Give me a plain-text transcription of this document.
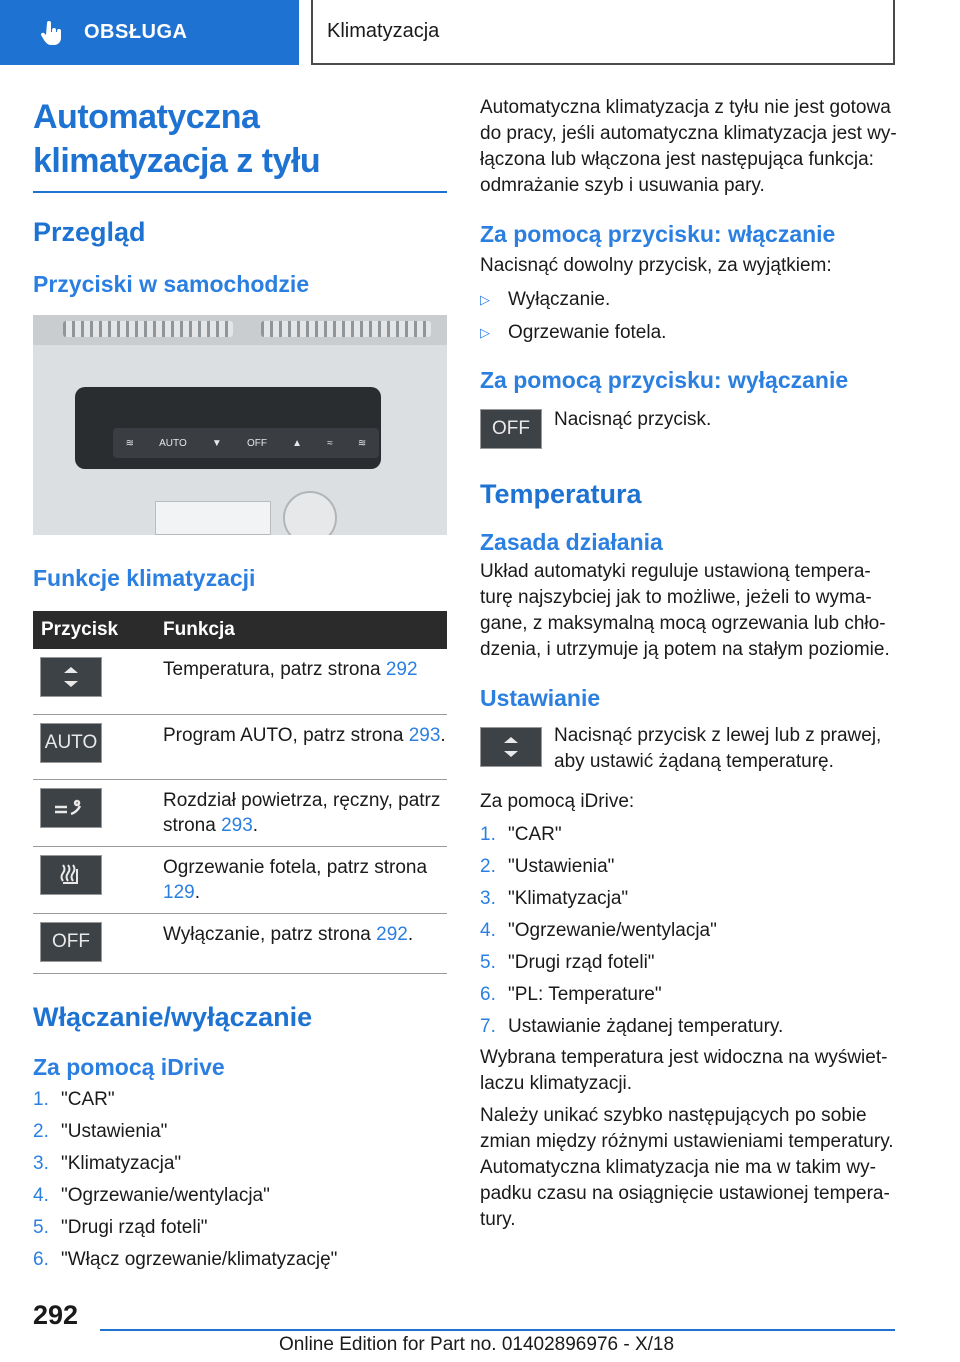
OBSŁUGA	Klimatyzacja
Automatyczna klimatyzacja z tyłu
Przegląd
Przyciski w samochodzie
≋	AUTO	▼	OFF	▲	≈	≋
Funkcje klimatyzacji
Przycisk	Funkcja

	Temperatura, patrz strona 292

AUTO	Program AUTO, patrz strona 293.

	Rozdział powietrza, ręczny, patrz strona 293.

	Ogrzewanie fotela, patrz strona 129.

OFF	Wyłączanie, patrz strona 292.
Włączanie/wyłączanie
Za pomocą iDrive
1. "CAR"
2. "Ustawienia"
3. "Klimatyzacja"
4. "Ogrzewanie/wentylacja"
5. "Drugi rząd foteli"
6. "Włącz ogrzewanie/klimatyzację"
Automatyczna klimatyzacja z tyłu nie jest gotowa do pracy, jeśli automatyczna klimatyzacja jest wy-łączona lub włączona jest następująca funkcja: odmrażanie szyb i usuwania pary.
Za pomocą przycisku: włączanie
Nacisnąć dowolny przycisk, za wyjątkiem:
▷ Wyłączanie.
▷ Ogrzewanie fotela.
Za pomocą przycisku: wyłączanie
OFF	Nacisnąć przycisk.
Temperatura
Zasada działania
Układ automatyki reguluje ustawioną tempera-turę najszybciej jak to możliwe, jeżeli to wyma-gane, z maksymalną mocą ogrzewania lub chło-dzenia, i utrzymuje ją potem na stałym poziomie.
Ustawianie
Nacisnąć przycisk z lewej lub z prawej, aby ustawić żądaną temperaturę.
Za pomocą iDrive:
1. "CAR"
2. "Ustawienia"
3. "Klimatyzacja"
4. "Ogrzewanie/wentylacja"
5. "Drugi rząd foteli"
6. "PL: Temperature"
7. Ustawianie żądanej temperatury.
Wybrana temperatura jest widoczna na wyświet-laczu klimatyzacji.
Należy unikać szybko następujących po sobie zmian między różnymi ustawieniami temperatury. Automatyczna klimatyzacja nie ma w takim wy-padku czasu na osiągnięcie ustawionej tempera-tury.
292
Online Edition for Part no. 01402896976 - X/18
